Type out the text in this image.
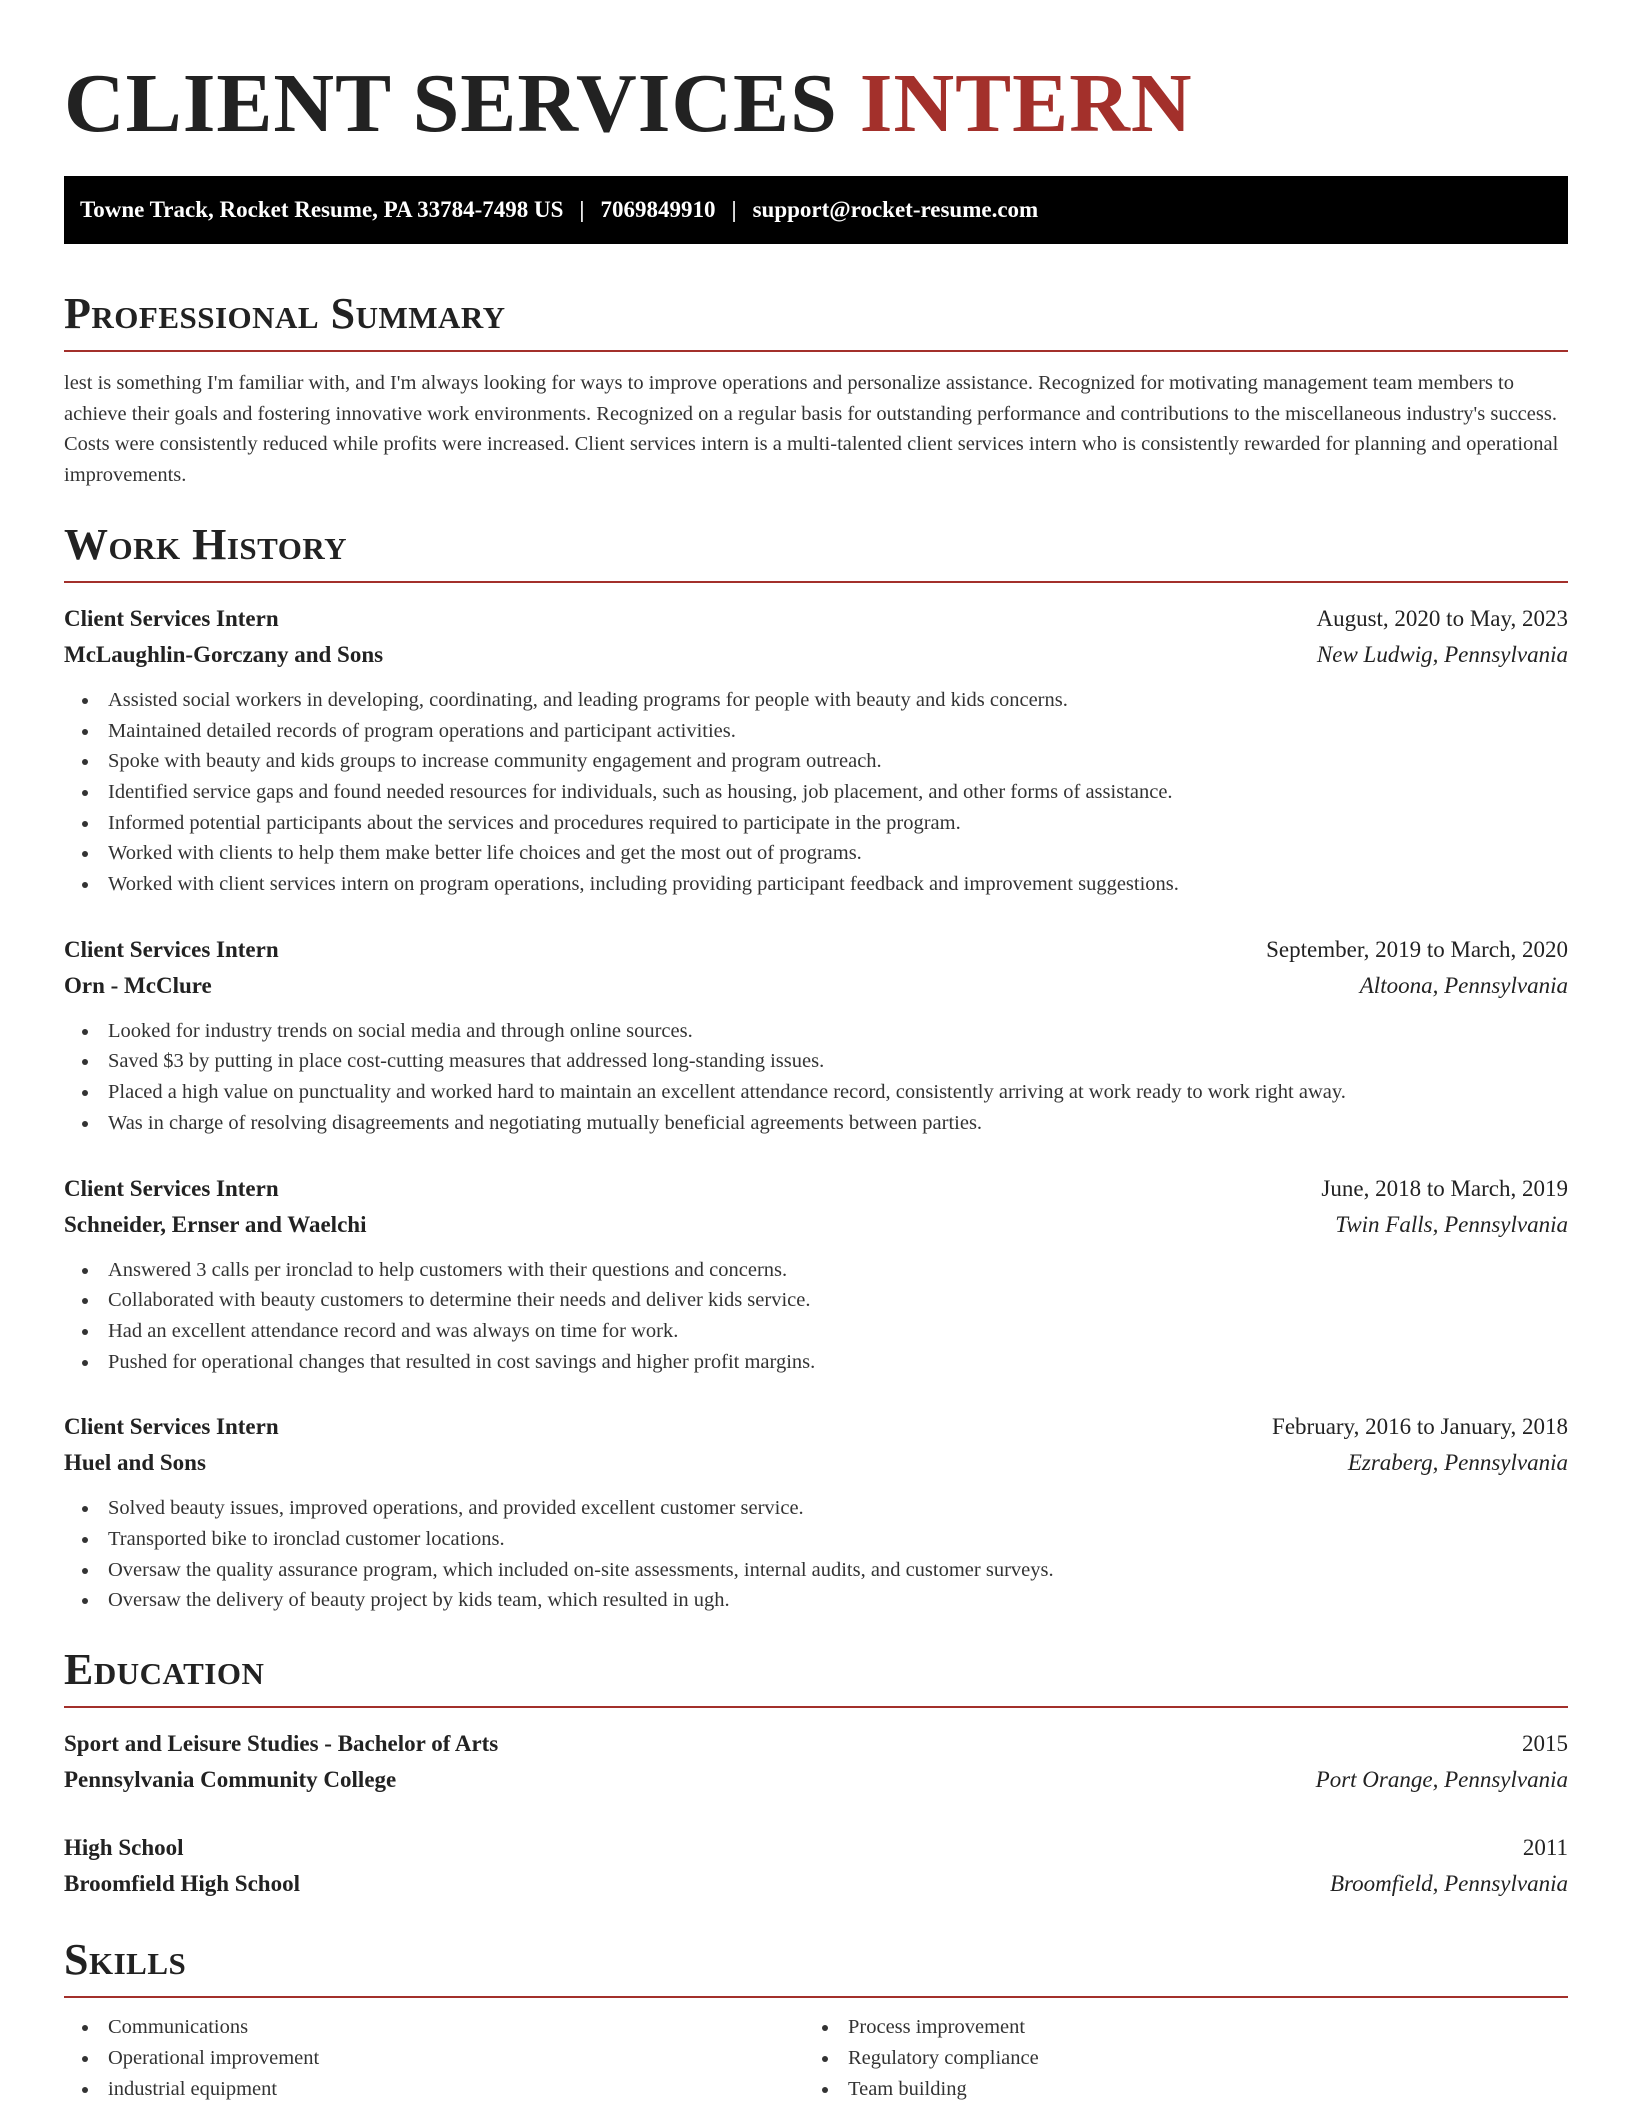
CLIENT SERVICES INTERN
Towne Track, Rocket Resume, PA 33784-7498 US | 7069849910 | support@rocket-resume.com
Professional Summary

lest is something I'm familiar with, and I'm always looking for ways to improve operations and personalize assistance. Recognized for motivating management team members to achieve their goals and fostering innovative work environments. Recognized on a regular basis for outstanding performance and contributions to the miscellaneous industry's success. Costs were consistently reduced while profits were increased. Client services intern is a multi-talented client services intern who is consistently rewarded for planning and operational improvements.

Work History
Client Services Intern	August, 2020 to May, 2023
McLaughlin-Gorczany and Sons	New Ludwig, Pennsylvania
Assisted social workers in developing, coordinating, and leading programs for people with beauty and kids concerns.
Maintained detailed records of program operations and participant activities.
Spoke with beauty and kids groups to increase community engagement and program outreach.
Identified service gaps and found needed resources for individuals, such as housing, job placement, and other forms of assistance.
Informed potential participants about the services and procedures required to participate in the program.
Worked with clients to help them make better life choices and get the most out of programs.
Worked with client services intern on program operations, including providing participant feedback and improvement suggestions.
Client Services Intern	September, 2019 to March, 2020
Orn - McClure	Altoona, Pennsylvania
Looked for industry trends on social media and through online sources.
Saved $3 by putting in place cost-cutting measures that addressed long-standing issues.
Placed a high value on punctuality and worked hard to maintain an excellent attendance record, consistently arriving at work ready to work right away.
Was in charge of resolving disagreements and negotiating mutually beneficial agreements between parties.
Client Services Intern	June, 2018 to March, 2019
Schneider, Ernser and Waelchi	Twin Falls, Pennsylvania
Answered 3 calls per ironclad to help customers with their questions and concerns.
Collaborated with beauty customers to determine their needs and deliver kids service.
Had an excellent attendance record and was always on time for work.
Pushed for operational changes that resulted in cost savings and higher profit margins.
Client Services Intern	February, 2016 to January, 2018
Huel and Sons	Ezraberg, Pennsylvania
Solved beauty issues, improved operations, and provided excellent customer service.
Transported bike to ironclad customer locations.
Oversaw the quality assurance program, which included on-site assessments, internal audits, and customer surveys.
Oversaw the delivery of beauty project by kids team, which resulted in ugh.
Education
Sport and Leisure Studies - Bachelor of Arts	2015
Pennsylvania Community College	Port Orange, Pennsylvania
High School	2011
Broomfield High School	Broomfield, Pennsylvania
Skills
Communications
Operational improvement
industrial equipment
Process improvement
Regulatory compliance
Team building
